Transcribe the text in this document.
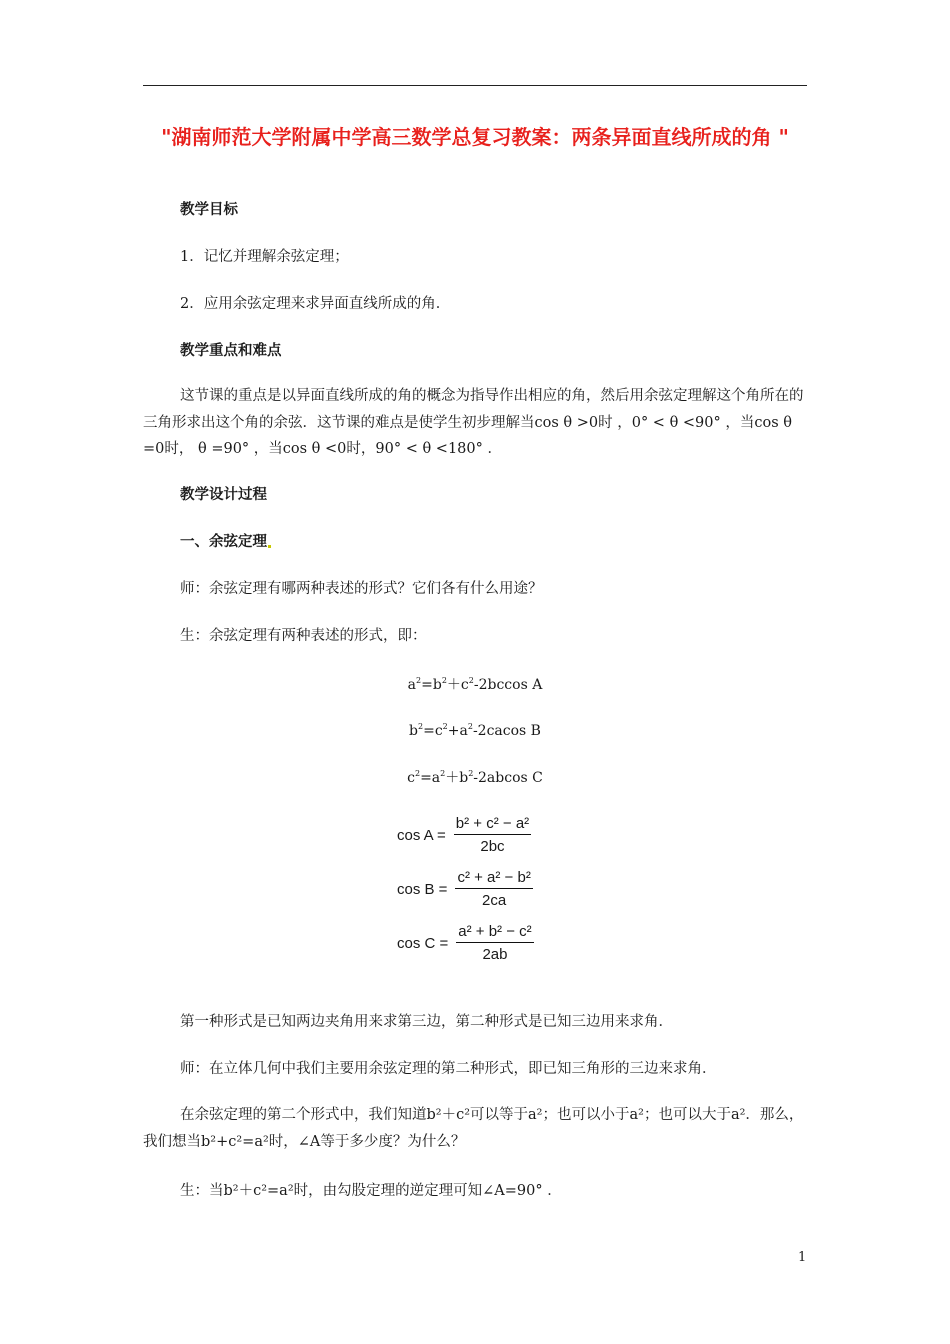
"湖南师范大学附属中学高三数学总复习教案：两条异面直线所成的角 "
教学目标
1．记忆并理解余弦定理；
2．应用余弦定理来求异面直线所成的角．
教学重点和难点
这节课的重点是以异面直线所成的角的概念为指导作出相应的角，然后用余弦定理解这个角所在的三角形求出这个角的余弦．这节课的难点是使学生初步理解当cos θ >0时 ，0° < θ <90° ，当cos θ =0时， θ =90° ，当cos θ <0时，90° < θ <180° ．
教学设计过程
一、余弦定理
师：余弦定理有哪两种表述的形式？它们各有什么用途？
生：余弦定理有两种表述的形式，即：
$a^2=b^2+c^2-2bccos$ A
$b^2=c^2+a^2-2cacos$ B
$c^2=a^2+b^2-2abcos$ C
$\cos A = \frac{\text{b² + c² − a²}}{2bc}$
$\cos B = \frac{\text{c² + a² − b²}}{2ca}$
$\cos C = \frac{\text{a² + b² − c²}}{2ab}$
第一种形式是已知两边夹角用来求第三边，第二种形式是已知三边用来求角．
师：在立体几何中我们主要用余弦定理的第二种形式，即已知三角形的三边来求角．
在余弦定理的第二个形式中，我们知道b²＋c²可以等于a²；也可以小于a²；也可以大于a²．那么，我们想当b²+c²=a²时，∠A等于多少度？为什么？
生：当b²＋c²=a²时，由勾股定理的逆定理可知∠A=90° ．
1
